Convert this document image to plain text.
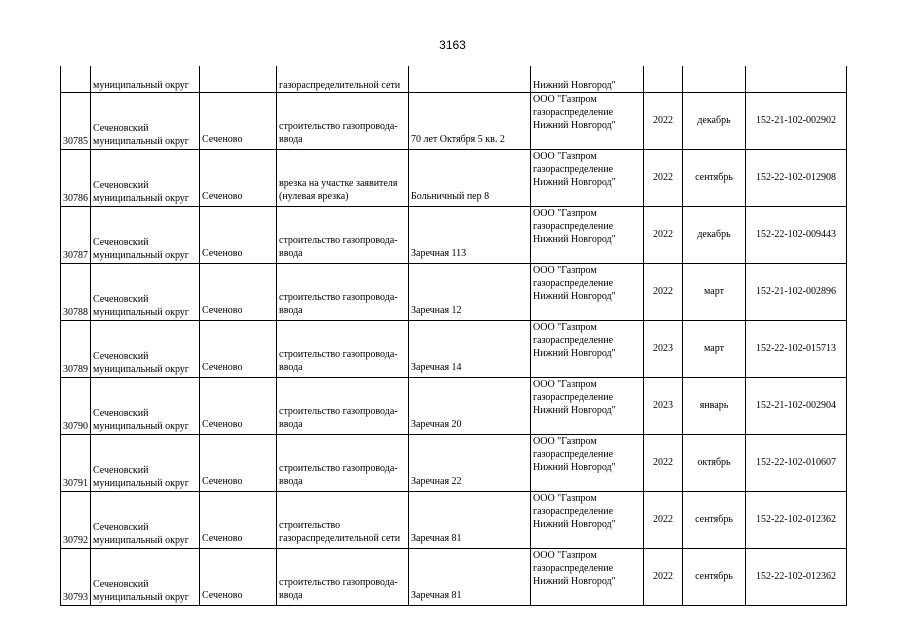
3163

	муниципальный округ		газораспределительной сети		Нижний Новгород"			

30785	Сеченовский
муниципальный округ	Сеченово	строительство газопровода-
ввода	70 лет Октября 5 кв. 2	ООО "Газпром
газораспределение
Нижний Новгород"	2022	декабрь	152-21-102-002902
30786	Сеченовский
муниципальный округ	Сеченово	врезка на участке заявителя
(нулевая врезка)	Больничный пер 8	ООО "Газпром
газораспределение
Нижний Новгород"	2022	сентябрь	152-22-102-012908
30787	Сеченовский
муниципальный округ	Сеченово	строительство газопровода-
ввода	Заречная 113	ООО "Газпром
газораспределение
Нижний Новгород"	2022	декабрь	152-22-102-009443
30788	Сеченовский
муниципальный округ	Сеченово	строительство газопровода-
ввода	Заречная 12	ООО "Газпром
газораспределение
Нижний Новгород"	2022	март	152-21-102-002896
30789	Сеченовский
муниципальный округ	Сеченово	строительство газопровода-
ввода	Заречная 14	ООО "Газпром
газораспределение
Нижний Новгород"	2023	март	152-22-102-015713
30790	Сеченовский
муниципальный округ	Сеченово	строительство газопровода-
ввода	Заречная 20	ООО "Газпром
газораспределение
Нижний Новгород"	2023	январь	152-21-102-002904
30791	Сеченовский
муниципальный округ	Сеченово	строительство газопровода-
ввода	Заречная 22	ООО "Газпром
газораспределение
Нижний Новгород"	2022	октябрь	152-22-102-010607
30792	Сеченовский
муниципальный округ	Сеченово	строительство
газораспределительной сети	Заречная 81	ООО "Газпром
газораспределение
Нижний Новгород"	2022	сентябрь	152-22-102-012362
30793	Сеченовский
муниципальный округ	Сеченово	строительство газопровода-
ввода	Заречная 81	ООО "Газпром
газораспределение
Нижний Новгород"	2022	сентябрь	152-22-102-012362
